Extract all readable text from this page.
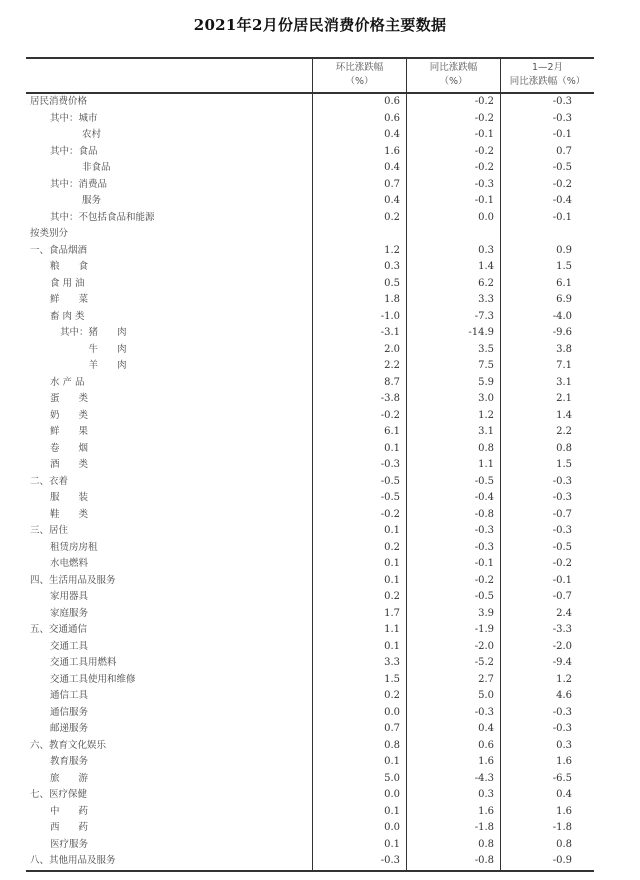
2021年2月份居民消费价格主要数据
环比涨跌幅
（%）
同比涨跌幅
（%）
1—2月
同比涨跌幅（%）
居民消费价格	0.6	-0.2	-0.3
其中：城市	0.6	-0.2	-0.3
农村	0.4	-0.1	-0.1
其中：食品	1.6	-0.2	0.7
非食品	0.4	-0.2	-0.5
其中：消费品	0.7	-0.3	-0.2
服务	0.4	-0.1	-0.4
其中：不包括食品和能源	0.2	0.0	-0.1
按类别分
一、食品烟酒	1.2	0.3	0.9
粮　　食	0.3	1.4	1.5
食 用 油	0.5	6.2	6.1
鲜　　菜	1.8	3.3	6.9
畜 肉 类	-1.0	-7.3	-4.0
其中：猪　　肉	-3.1	-14.9	-9.6
　　　牛　　肉	2.0	3.5	3.8
　　　羊　　肉	2.2	7.5	7.1
水 产 品	8.7	5.9	3.1
蛋　　类	-3.8	3.0	2.1
奶　　类	-0.2	1.2	1.4
鲜　　果	6.1	3.1	2.2
卷　　烟	0.1	0.8	0.8
酒　　类	-0.3	1.1	1.5
二、衣着	-0.5	-0.5	-0.3
服　　装	-0.5	-0.4	-0.3
鞋　　类	-0.2	-0.8	-0.7
三、居住	0.1	-0.3	-0.3
租赁房房租	0.2	-0.3	-0.5
水电燃料	0.1	-0.1	-0.2
四、生活用品及服务	0.1	-0.2	-0.1
家用器具	0.2	-0.5	-0.7
家庭服务	1.7	3.9	2.4
五、交通通信	1.1	-1.9	-3.3
交通工具	0.1	-2.0	-2.0
交通工具用燃料	3.3	-5.2	-9.4
交通工具使用和维修	1.5	2.7	1.2
通信工具	0.2	5.0	4.6
通信服务	0.0	-0.3	-0.3
邮递服务	0.7	0.4	-0.3
六、教育文化娱乐	0.8	0.6	0.3
教育服务	0.1	1.6	1.6
旅　　游	5.0	-4.3	-6.5
七、医疗保健	0.0	0.3	0.4
中　　药	0.1	1.6	1.6
西　　药	0.0	-1.8	-1.8
医疗服务	0.1	0.8	0.8
八、其他用品及服务	-0.3	-0.8	-0.9
